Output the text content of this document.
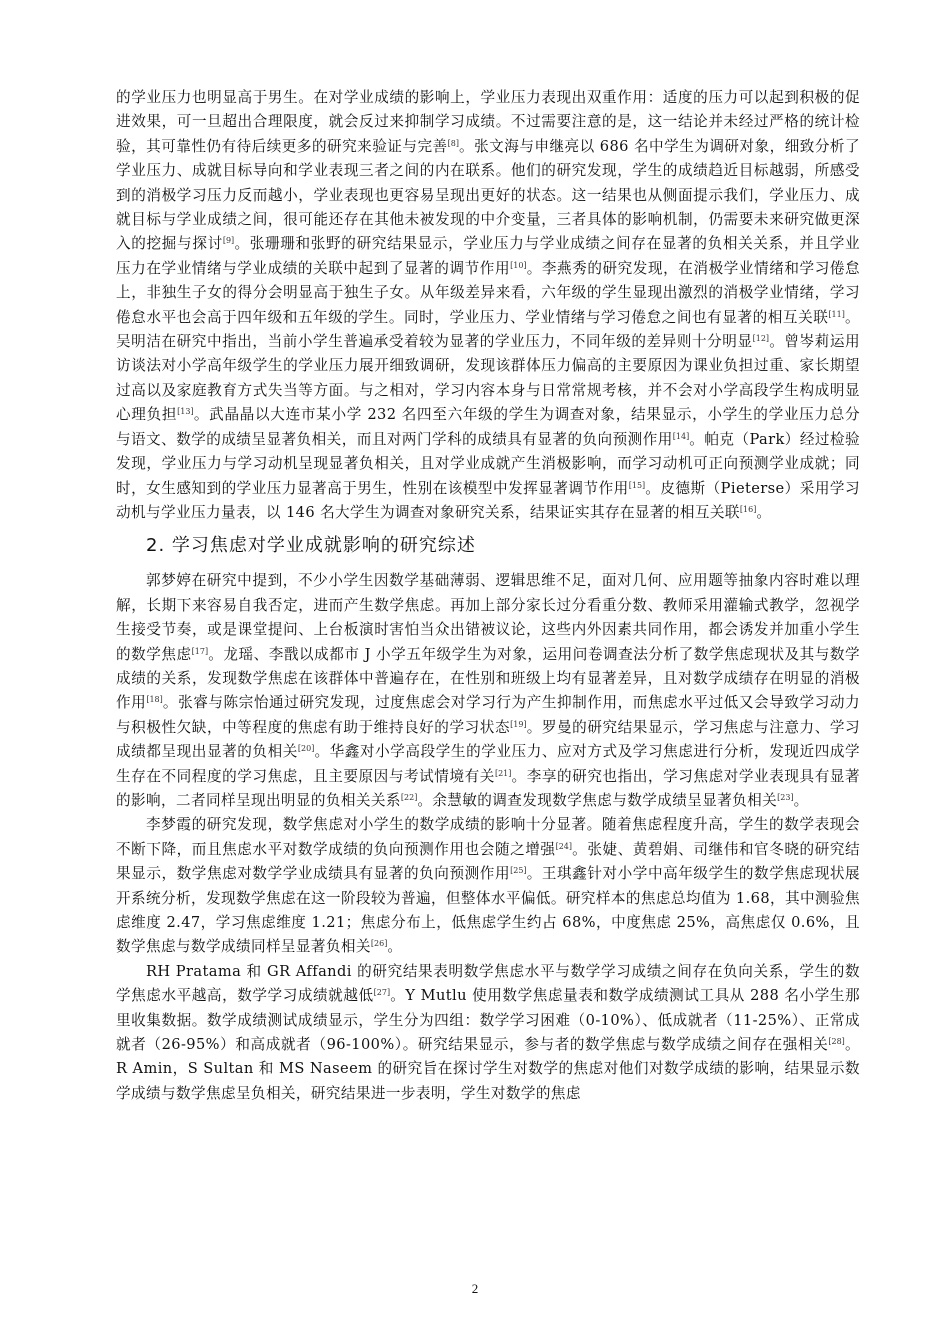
的学业压力也明显高于男生。在对学业成绩的影响上，学业压力表现出双重作用：适度的压力可以起到积极的促进效果，可一旦超出合理限度，就会反过来抑制学习成绩。不过需要注意的是，这一结论并未经过严格的统计检验，其可靠性仍有待后续更多的研究来验证与完善[8]。张文海与申继亮以 686 名中学生为调研对象，细致分析了学业压力、成就目标导向和学业表现三者之间的内在联系。他们的研究发现，学生的成绩趋近目标越弱，所感受到的消极学习压力反而越小，学业表现也更容易呈现出更好的状态。这一结果也从侧面提示我们，学业压力、成就目标与学业成绩之间，很可能还存在其他未被发现的中介变量，三者具体的影响机制，仍需要未来研究做更深入的挖掘与探讨[9]。张珊珊和张野的研究结果显示，学业压力与学业成绩之间存在显著的负相关关系，并且学业压力在学业情绪与学业成绩的关联中起到了显著的调节作用[10]。李燕秀的研究发现，在消极学业情绪和学习倦怠上，非独生子女的得分会明显高于独生子女。从年级差异来看，六年级的学生显现出激烈的消极学业情绪，学习倦怠水平也会高于四年级和五年级的学生。同时，学业压力、学业情绪与学习倦怠之间也有显著的相互关联[11]。吴明洁在研究中指出，当前小学生普遍承受着较为显著的学业压力，不同年级的差异则十分明显[12]。曾岑莉运用访谈法对小学高年级学生的学业压力展开细致调研，发现该群体压力偏高的主要原因为课业负担过重、家长期望过高以及家庭教育方式失当等方面。与之相对，学习内容本身与日常常规考核，并不会对小学高段学生构成明显心理负担[13]。武晶晶以大连市某小学 232 名四至六年级的学生为调查对象，结果显示，小学生的学业压力总分与语文、数学的成绩呈显著负相关，而且对两门学科的成绩具有显著的负向预测作用[14]。帕克（Park）经过检验发现，学业压力与学习动机呈现显著负相关，且对学业成就产生消极影响，而学习动机可正向预测学业成就；同时，女生感知到的学业压力显著高于男生，性别在该模型中发挥显著调节作用[15]。皮德斯（Pieterse）采用学习动机与学业压力量表，以 146 名大学生为调查对象研究关系，结果证实其存在显著的相互关联[16]。

2. 学习焦虑对学业成就影响的研究综述

郭梦婷在研究中提到，不少小学生因数学基础薄弱、逻辑思维不足，面对几何、应用题等抽象内容时难以理解，长期下来容易自我否定，进而产生数学焦虑。再加上部分家长过分看重分数、教师采用灌输式教学，忽视学生接受节奏，或是课堂提问、上台板演时害怕当众出错被议论，这些内外因素共同作用，都会诱发并加重小学生的数学焦虑[17]。龙瑶、李戬以成都市 J 小学五年级学生为对象，运用问卷调查法分析了数学焦虑现状及其与数学成绩的关系，发现数学焦虑在该群体中普遍存在，在性别和班级上均有显著差异，且对数学成绩存在明显的消极作用[18]。张睿与陈宗怡通过研究发现，过度焦虑会对学习行为产生抑制作用，而焦虑水平过低又会导致学习动力与积极性欠缺，中等程度的焦虑有助于维持良好的学习状态[19]。罗曼的研究结果显示，学习焦虑与注意力、学习成绩都呈现出显著的负相关[20]。华鑫对小学高段学生的学业压力、应对方式及学习焦虑进行分析，发现近四成学生存在不同程度的学习焦虑，且主要原因与考试情境有关[21]。李享的研究也指出，学习焦虑对学业表现具有显著的影响，二者同样呈现出明显的负相关关系[22]。余慧敏的调查发现数学焦虑与数学成绩呈显著负相关[23]。

李梦霞的研究发现，数学焦虑对小学生的数学成绩的影响十分显著。随着焦虑程度升高，学生的数学表现会不断下降，而且焦虑水平对数学成绩的负向预测作用也会随之增强[24]。张婕、黄碧娟、司继伟和官冬晓的研究结果显示，数学焦虑对数学学业成绩具有显著的负向预测作用[25]。王琪鑫针对小学中高年级学生的数学焦虑现状展开系统分析，发现数学焦虑在这一阶段较为普遍，但整体水平偏低。研究样本的焦虑总均值为 1.68，其中测验焦虑维度 2.47，学习焦虑维度 1.21；焦虑分布上，低焦虑学生约占 68%，中度焦虑 25%，高焦虑仅 0.6%，且数学焦虑与数学成绩同样呈显著负相关[26]。

RH Pratama 和 GR Affandi 的研究结果表明数学焦虑水平与数学学习成绩之间存在负向关系，学生的数学焦虑水平越高，数学学习成绩就越低[27]。Y Mutlu 使用数学焦虑量表和数学成绩测试工具从 288 名小学生那里收集数据。数学成绩测试成绩显示，学生分为四组：数学学习困难（0-10%）、低成就者（11-25%）、正常成就者（26-95%）和高成就者（96-100%）。研究结果显示，参与者的数学焦虑与数学成绩之间存在强相关[28]。R Amin，S Sultan 和 MS Naseem 的研究旨在探讨学生对数学的焦虑对他们对数学成绩的影响，结果显示数学成绩与数学焦虑呈负相关，研究结果进一步表明，学生对数学的焦虑

2
